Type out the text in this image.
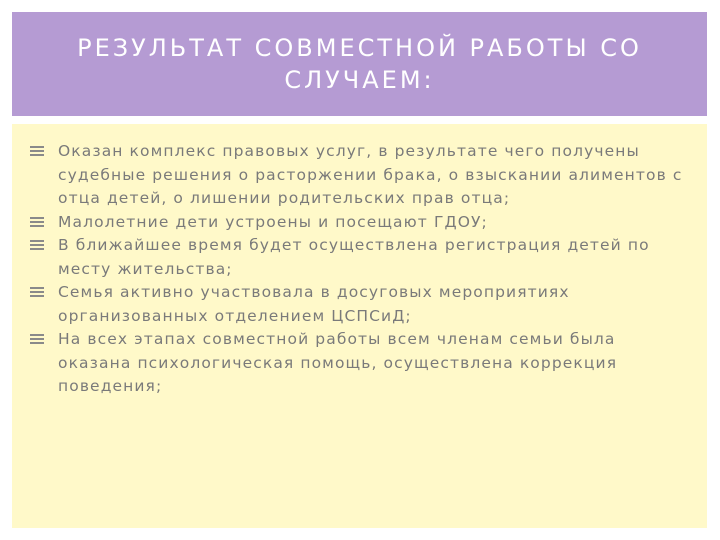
РЕЗУЛЬТАТ СОВМЕСТНОЙ РАБОТЫ СО
СЛУЧАЕМ:
Оказан комплекс правовых услуг, в результате чего получены судебные решения о расторжении брака, о взыскании алиментов с отца детей, о лишении родительских прав отца;
Малолетние дети устроены и посещают ГДОУ;
В ближайшее время будет осуществлена регистрация детей по месту жительства;
Семья активно участвовала в досуговых мероприятиях организованных отделением ЦСПСиД;
На всех этапах совместной работы всем членам семьи была оказана психологическая помощь, осуществлена коррекция поведения;
